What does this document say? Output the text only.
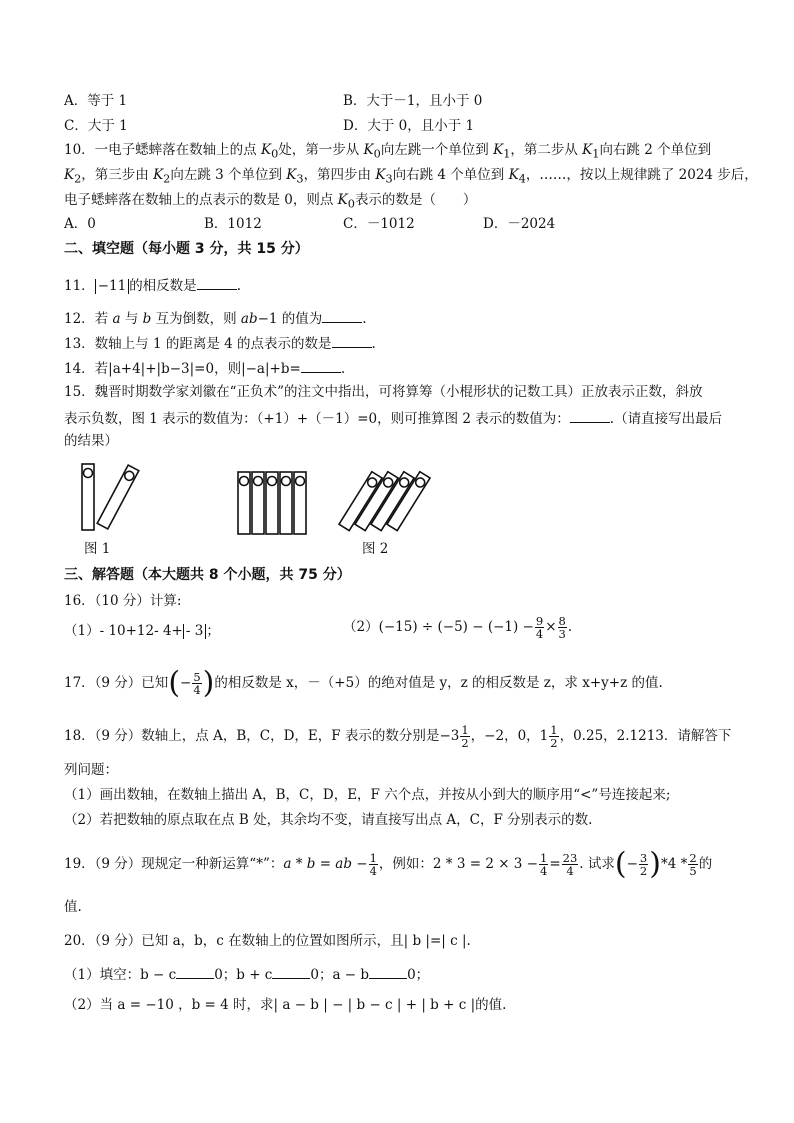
A．等于 1	B．大于－1，且小于 0
C．大于 1	D．大于 0，且小于 1
10．一电子蟋蟀落在数轴上的点 $K_0$处，第一步从 $K_0$向左跳一个单位到 $K_1$，第二步从 $K_1$向右跳 2 个单位到
$K_2$，第三步由 $K_2$向左跳 3 个单位到 $K_3$，第四步由 $K_3$向右跳 4 个单位到 $K_4$，……，按以上规律跳了 2024 步后，
电子蟋蟀落在数轴上的点表示的数是 0，则点 $K_0$表示的数是（　　）
A．0	B．1012	C．－1012	D．－2024
二、填空题（每小题 3 分，共 15 分）
11． −11 的相反数是	.
12．若 a 与 b 互为倒数，则 ab−1 的值为	.
13．数轴上与 1 的距离是 4 的点表示的数是	.
14．若|a+4|+|b−3|=0，则|−a|+b=	.
15．魏晋时期数学家刘徽在“正负术”的注文中指出，可将算筹（小棍形状的记数工具）正放表示正数，斜放
表示负数，图 1 表示的数值为：（+1）+（－1）=0，则可推算图 2 表示的数值为：	.（请直接写出最后
的结果）
图 1	图 2
三、解答题（本大题共 8 个小题，共 75 分）
16．（10 分）计算:
（1）- 10+12- 4+ - 3 ；	$(2)(-15) \div (-5) - (-1) - \frac{9}{4} \times \frac{8}{3}$ .
17．（9 分）已知(− $\frac{5}{4}$ )的相反数是 x，－（+5）的绝对值是 y，z 的相反数是 z，求 x+y+z 的值.
18．（9 分）数轴上，点 A，B，C，D，E，F 表示的数分别是$-3 \frac{1}{2}$ ，−2，0，$1 \frac{1}{2}$ ，0.25，2.1213．请解答下
列问题：
（1）画出数轴，在数轴上描出 A，B，C，D，E，F 六个点，并按从小到大的顺序用“<”号连接起来;
（2）若把数轴的原点取在点 B 处，其余均不变，请直接写出点 A，C，F 分别表示的数.
19．（9 分）现规定一种新运算“*”：a * b = ab − $\frac{1}{4}$ ，例如：$2 * 3 = 2 \times 3 - \frac{1}{4} = \frac{23}{4}$ . 试求(− $\frac{3}{2} )*4 * \frac{2}{5}$ 的
值.
20．（9 分）已知 a，b，c 在数轴上的位置如图所示，且| b |=| c |.
（1）填空：b − c	0；b + c	0；a − b	0；
（2）当 a = −10 ，b = 4 时，求| a − b | − | b − c | + | b + c |的值.
